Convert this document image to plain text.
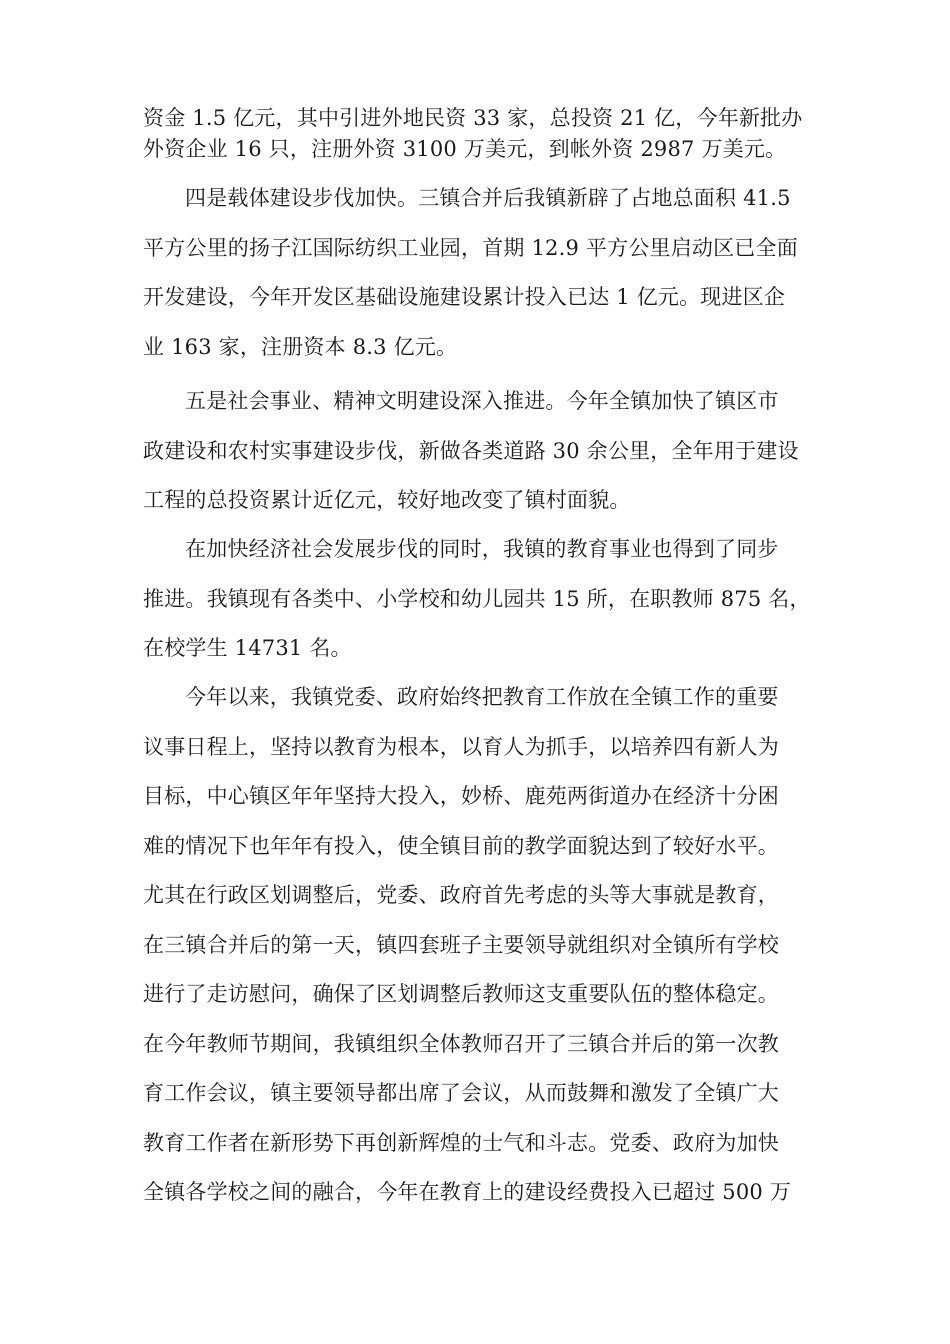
资金 1.5 亿元，其中引进外地民资 33 家，总投资 21 亿，今年新批办
外资企业 16 只，注册外资 3100 万美元，到帐外资 2987 万美元。

四是载体建设步伐加快。三镇合并后我镇新辟了占地总面积 41.5
平方公里的扬子江国际纺织工业园，首期 12.9 平方公里启动区已全面
开发建设，今年开发区基础设施建设累计投入已达 1 亿元。现进区企
业 163 家，注册资本 8.3 亿元。

五是社会事业、精神文明建设深入推进。今年全镇加快了镇区市
政建设和农村实事建设步伐，新做各类道路 30 余公里，全年用于建设
工程的总投资累计近亿元，较好地改变了镇村面貌。

在加快经济社会发展步伐的同时，我镇的教育事业也得到了同步
推进。我镇现有各类中、小学校和幼儿园共 15 所，在职教师 875 名，
在校学生 14731 名。

今年以来，我镇党委、政府始终把教育工作放在全镇工作的重要
议事日程上，坚持以教育为根本，以育人为抓手，以培养四有新人为
目标，中心镇区年年坚持大投入，妙桥、鹿苑两街道办在经济十分困
难的情况下也年年有投入，使全镇目前的教学面貌达到了较好水平。
尤其在行政区划调整后，党委、政府首先考虑的头等大事就是教育，
在三镇合并后的第一天，镇四套班子主要领导就组织对全镇所有学校
进行了走访慰问，确保了区划调整后教师这支重要队伍的整体稳定。
在今年教师节期间，我镇组织全体教师召开了三镇合并后的第一次教
育工作会议，镇主要领导都出席了会议，从而鼓舞和激发了全镇广大
教育工作者在新形势下再创新辉煌的士气和斗志。党委、政府为加快
全镇各学校之间的融合，今年在教育上的建设经费投入已超过 500 万
